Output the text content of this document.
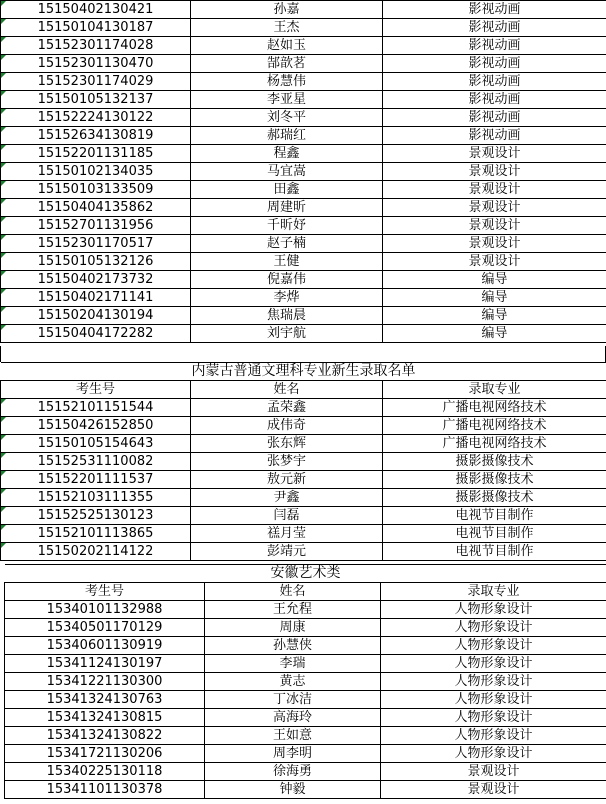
15150402130421	孙嘉	影视动画
15150104130187	王杰	影视动画
15152301174028	赵如玉	影视动画
15152301130470	郜歆茗	影视动画
15152301174029	杨慧伟	影视动画
15150105132137	李亚星	影视动画
15152224130122	刘冬平	影视动画
15152634130819	郝瑞红	影视动画
15152201131185	程鑫	景观设计
15150102134035	马宜嵩	景观设计
15150103133509	田鑫	景观设计
15150404135862	周建昕	景观设计
15152701131956	千昕妤	景观设计
15152301170517	赵子楠	景观设计
15150105132126	王健	景观设计
15150402173732	倪嘉伟	编导
15150402171141	李烨	编导
15150204130194	焦瑞晨	编导
15150404172282	刘宇航	编导
内蒙古普通文理科专业新生录取名单		
考生号	姓名	录取专业
15152101151544	孟荣鑫	广播电视网络技术
15150426152850	成伟奇	广播电视网络技术
15150105154643	张东辉	广播电视网络技术
15152531110082	张梦宇	摄影摄像技术
15152201111537	敖元新	摄影摄像技术
15152103111355	尹鑫	摄影摄像技术
15152525130123	闫磊	电视节目制作
15152101113865	禚月莹	电视节目制作
15150202114122	彭靖元	电视节目制作
安徽艺术类		
考生号	姓名	录取专业
15340101132988	王允程	人物形象设计
15340501170129	周康	人物形象设计
15340601130919	孙慧侠	人物形象设计
15341124130197	李瑞	人物形象设计
15341221130300	黄志	人物形象设计
15341324130763	丁冰洁	人物形象设计
15341324130815	高海玲	人物形象设计
15341324130822	王如意	人物形象设计
15341721130206	周李明	人物形象设计
15340225130118	徐海勇	景观设计
15341101130378	钟毅	景观设计
